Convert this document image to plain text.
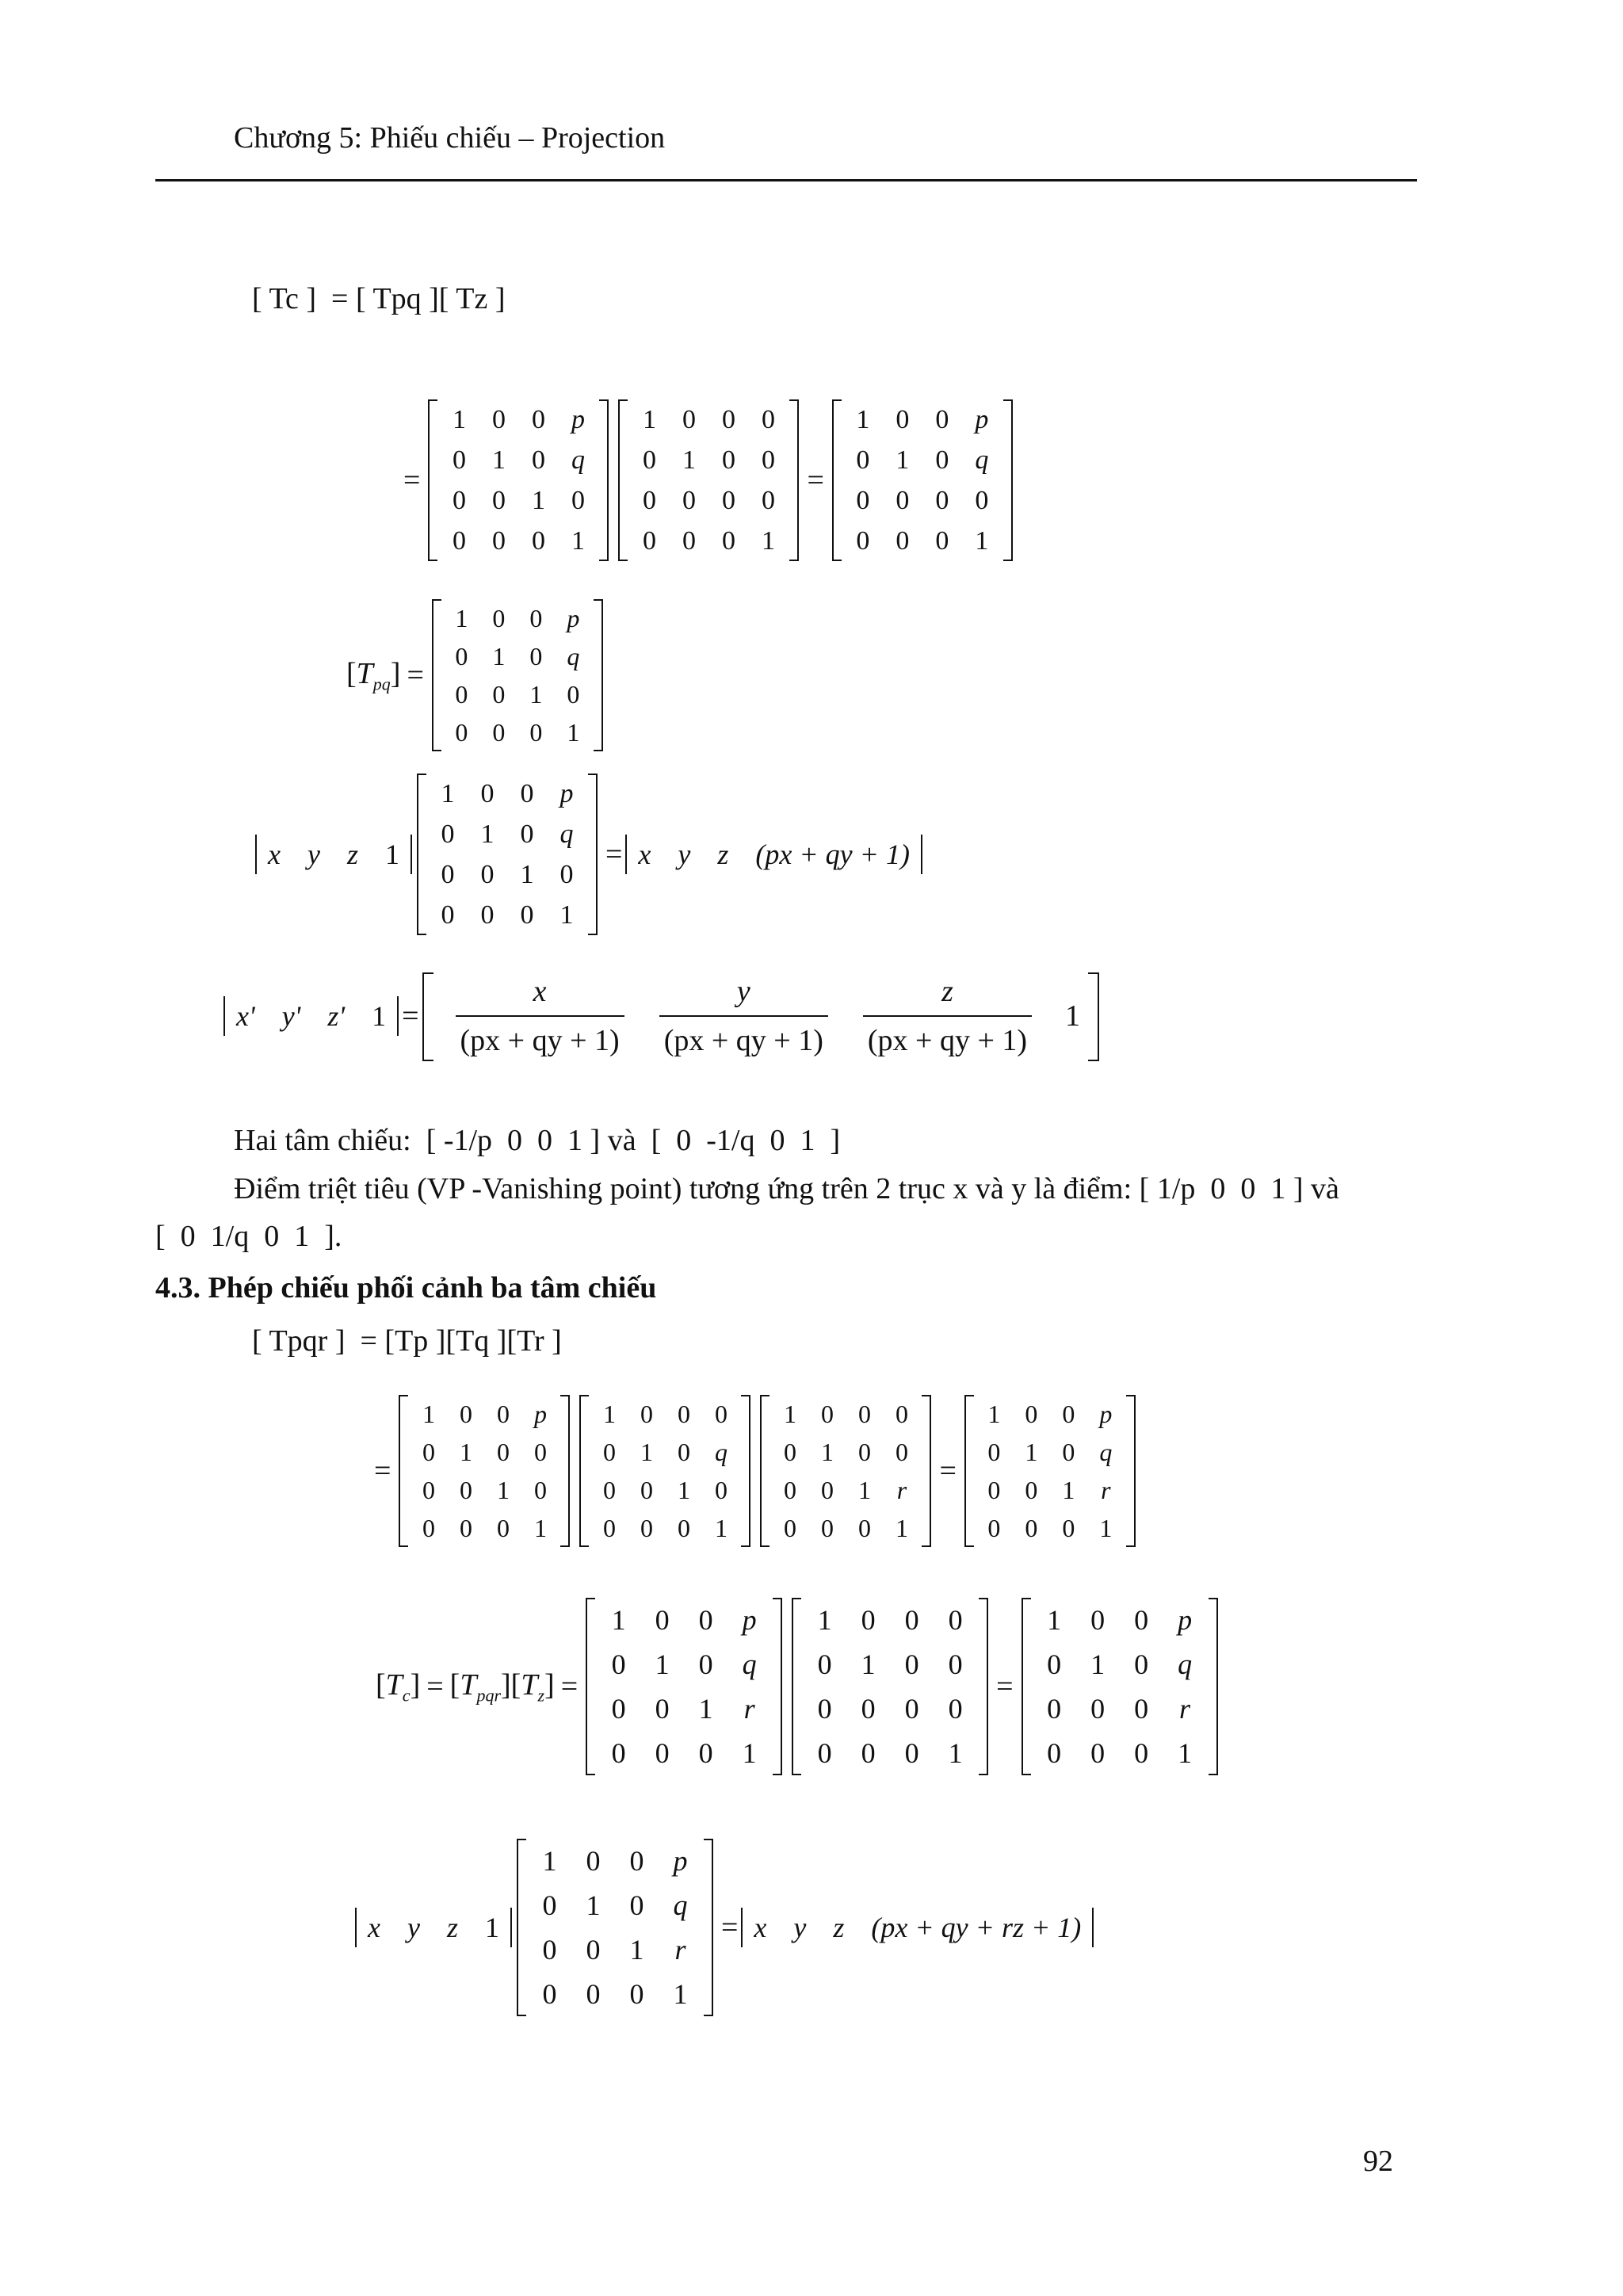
Chương 5: Phiếu chiếu – Projection
[ Tc ]  = [ Tpq ][ Tz ]
=
1 0 0 p
0 1 0 q
0 0 1 0
0 0 0 1
1 0 0 0
0 1 0 0
0 0 0 0
0 0 0 1
=
1 0 0 p
0 1 0 q
0 0 0 0
0 0 0 1
$[T_{pq}]$ =
1 0 0 p
0 1 0 q
0 0 1 0
0 0 0 1
x y z 1
1 0 0 p
0 1 0 q
0 0 1 0
0 0 0 1
= x y z (px + qy + 1)
x' y' z' $1 = \frac{x}{(px + qy + 1)} \frac{y}{(px + qy + 1)} \frac{z}{(px + qy + 1)} 1$
Hai tâm chiếu:  [ -1/p  0  0  1 ] và  [  0  -1/q  0  1  ]
Điểm triệt tiêu (VP -Vanishing point) tương ứng trên 2 trục x và y là điểm: [ 1/p  0  0  1 ] và
[  0  1/q  0  1  ].
4.3. Phép chiếu phối cảnh ba tâm chiếu
[ Tpqr ]  = [Tp ][Tq ][Tr ]
=
1 0 0 p
0 1 0 0
0 0 1 0
0 0 0 1
1 0 0 0
0 1 0 q
0 0 1 0
0 0 0 1
1 0 0 0
0 1 0 0
0 0 1	r
0 0 0 1
=
1 0 0 p
0 1 0 q
0 0 1	r
0 0 0 1
$[T_c] = [T_{pqr}][T_z]$ =
1	0	0	p
0	1	0	q
0	0	1	r
0	0	0	1
1	0	0	0
0	1	0	0
0	0	0	0
0	0	0	1
=
1	0	0	p
0	1	0	q
0	0	0	r
0	0	0	1
x y z 1
1	0	0	p
0	1	0	q
0	0	1	r
0	0	0	1
= x y z (px + qy + rz + 1)
92
